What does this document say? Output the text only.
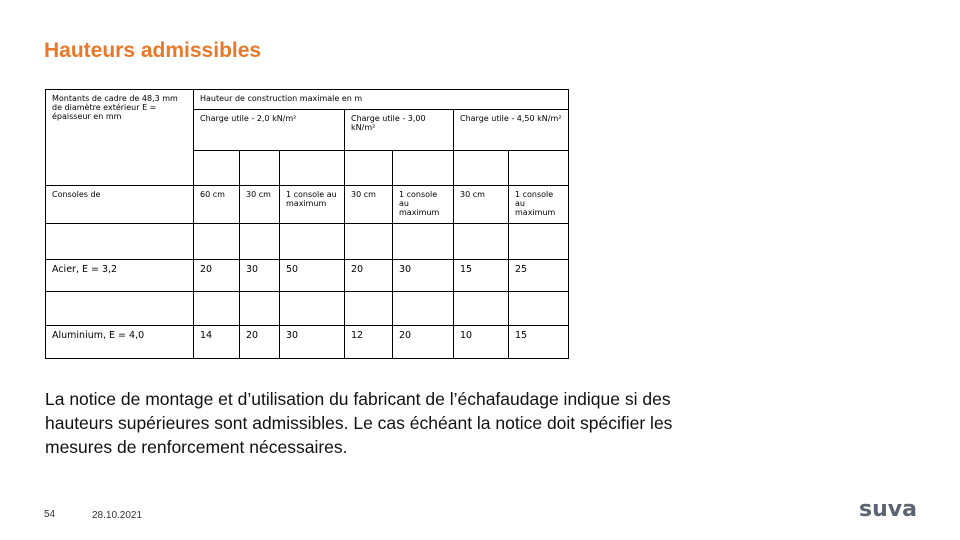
Hauteurs admissibles
Montants de cadre de 48,3 mm de diamètre extérieur E = épaisseur en mm	Hauteur de construction maximale en m						
	Charge utile - 2,0 kN/m²			Charge utile - 3,00 kN/m²		Charge utile - 4,50 kN/m²	

Consoles de	60 cm	30 cm	1 console au maximum	30 cm	1 console au maximum	30 cm	1 console au maximum

Acier, E = 3,2	20	30	50	20	30	15	25

Aluminium, E = 4,0	14	20	30	12	20	10	15
La notice de montage et d’utilisation du fabricant de l’échafaudage indique si des hauteurs supérieures sont admissibles. Le cas échéant la notice doit spécifier les mesures de renforcement nécessaires.
54	28.10.2021	suva
